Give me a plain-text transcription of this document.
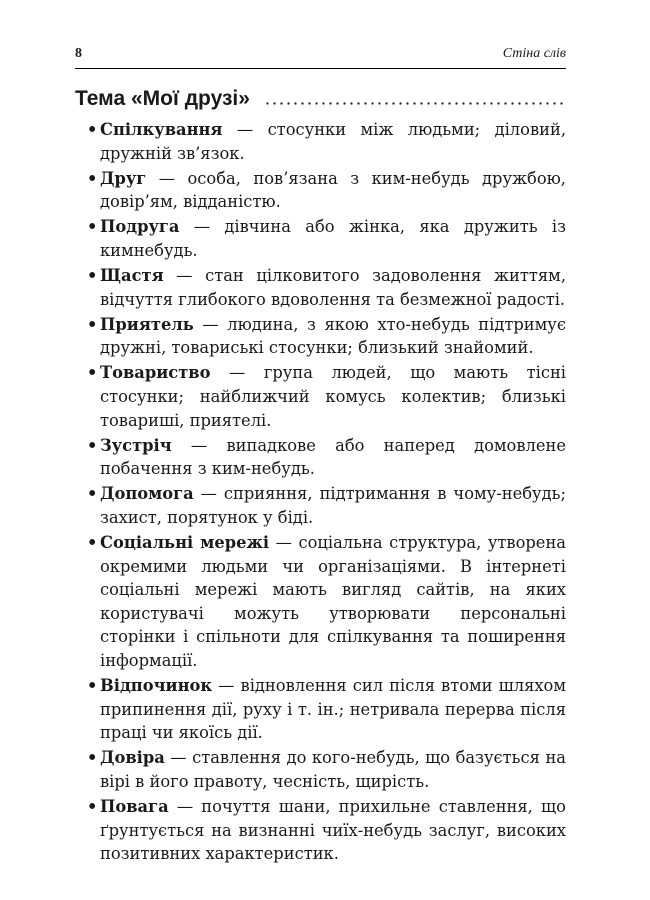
8	Стіна слів
Тема «Мої друзі»
• Спілкування — стосунки між людьми; діловий, дружній зв’язок.
• Друг — особа, пов’язана з ким-небудь дружбою, довір’ям, відданістю.
• Подруга — дівчина або жінка, яка дружить із кимнебудь.
• Щастя — стан цілковитого задоволення життям, відчуття глибокого вдоволення та безмежної радості.
• Приятель — людина, з якою хто-небудь підтримує дружні, товариські стосунки; близький знайомий.
• Товариство — група людей, що мають тісні стосунки; найближчий комусь колектив; близькі товариші, приятелі.
• Зустріч — випадкове або наперед домовлене побачення з ким-небудь.
• Допомога — сприяння, підтримання в чому-небудь; захист, порятунок у біді.
• Соціальні мережі — соціальна структура, утворена окремими людьми чи організаціями. В інтернеті соціальні мережі мають вигляд сайтів, на яких користувачі можуть утворювати персональні сторінки і спільноти для спілкування та поширення інформації.
• Відпочинок — відновлення сил після втоми шляхом припинення дії, руху і т. ін.; нетривала перерва після праці чи якоїсь дії.
• Довіра — ставлення до кого-небудь, що базується на вірі в його правоту, чесність, щирість.
• Повага — почуття шани, прихильне ставлення, що ґрунтується на визнанні чиїх-небудь заслуг, високих позитивних характеристик.
